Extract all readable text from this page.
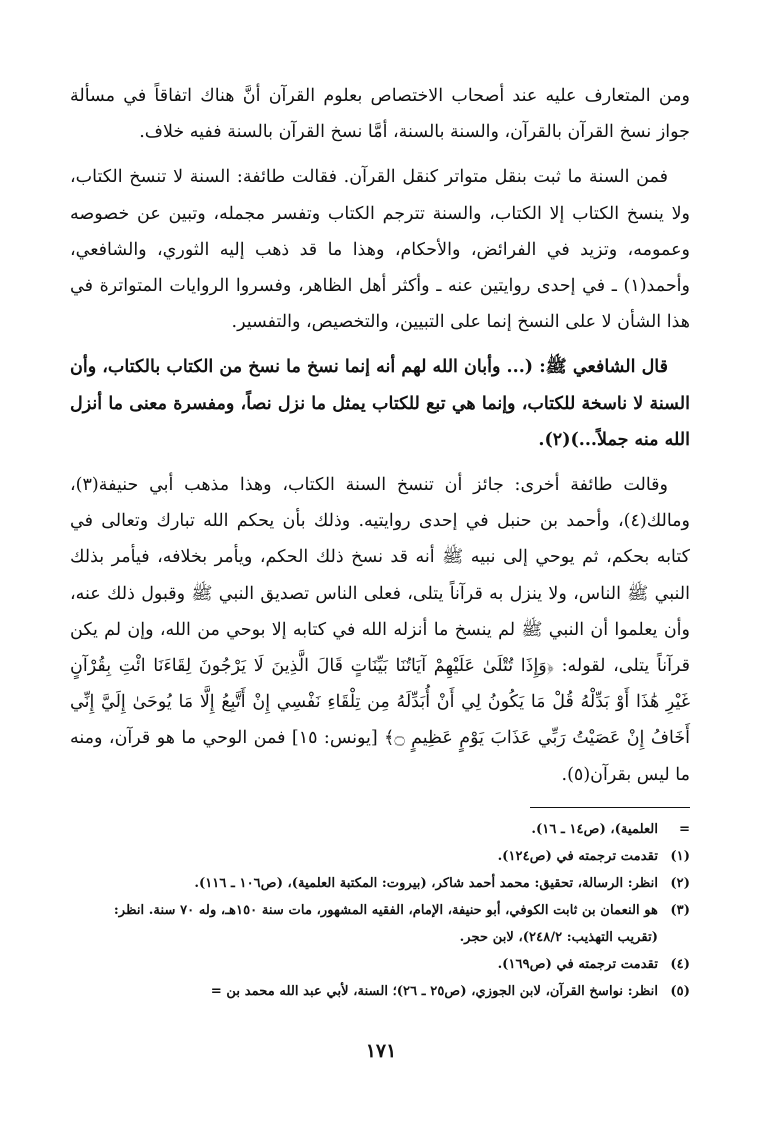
ومن المتعارف عليه عند أصحاب الاختصاص بعلوم القرآن أنَّ هناك اتفاقاً في مسألة جواز نسخ القرآن بالقرآن، والسنة بالسنة، أمَّا نسخ القرآن بالسنة ففيه خلاف.

فمن السنة ما ثبت بنقل متواتر كنقل القرآن. فقالت طائفة: السنة لا تنسخ الكتاب، ولا ينسخ الكتاب إلا الكتاب، والسنة تترجم الكتاب وتفسر مجمله، وتبين عن خصوصه وعمومه، وتزيد في الفرائض، والأحكام، وهذا ما قد ذهب إليه الثوري، والشافعي، وأحمد(١) ـ في إحدى روايتين عنه ـ وأكثر أهل الظاهر، وفسروا الروايات المتواترة في هذا الشأن لا على النسخ إنما على التبيين، والتخصيص، والتفسير.

قال الشافعي ﷺ: (... وأبان الله لهم أنه إنما نسخ ما نسخ من الكتاب بالكتاب، وأن السنة لا ناسخة للكتاب، وإنما هي تبع للكتاب يمثل ما نزل نصاً، ومفسرة معنى ما أنزل الله منه جملاً...)(٢).

وقالت طائفة أخرى: جائز أن تنسخ السنة الكتاب، وهذا مذهب أبي حنيفة(٣)، ومالك(٤)، وأحمد بن حنبل في إحدى روايتيه. وذلك بأن يحكم الله تبارك وتعالى في كتابه بحكم، ثم يوحي إلى نبيه ﷺ أنه قد نسخ ذلك الحكم، ويأمر بخلافه، فيأمر بذلك النبي ﷺ الناس، ولا ينزل به قرآناً يتلى، فعلى الناس تصديق النبي ﷺ وقبول ذلك عنه، وأن يعلموا أن النبي ﷺ لم ينسخ ما أنزله الله في كتابه إلا بوحي من الله، وإن لم يكن قرآناً يتلى، لقوله: ﴿وَإِذَا تُتْلَىٰ عَلَيْهِمْ آيَاتُنَا بَيِّنَاتٍ قَالَ الَّذِينَ لَا يَرْجُونَ لِقَاءَنَا ائْتِ بِقُرْآنٍ غَيْرِ هَٰذَا أَوْ بَدِّلْهُ قُلْ مَا يَكُونُ لِي أَنْ أُبَدِّلَهُ مِن تِلْقَاءِ نَفْسِي إِنْ أَتَّبِعُ إِلَّا مَا يُوحَىٰ إِلَيَّ إِنِّي أَخَافُ إِنْ عَصَيْتُ رَبِّي عَذَابَ يَوْمٍ عَظِيمٍ ۝﴾ [يونس: ١٥] فمن الوحي ما هو قرآن، ومنه ما ليس بقرآن(٥).

=
العلمية)، (ص١٤ ـ ١٦).
(١)
تقدمت ترجمته في (ص١٢٤).
(٢)
انظر: الرسالة، تحقيق: محمد أحمد شاكر، (بيروت: المكتبة العلمية)، (ص١٠٦ ـ ١١٦).
(٣)
هو النعمان بن ثابت الكوفي، أبو حنيفة، الإمام، الفقيه المشهور، مات سنة ١٥٠هـ، وله ٧٠ سنة. انظر: (تقريب التهذيب: ٢٤٨/٢)، لابن حجر.
(٤)
تقدمت ترجمته في (ص١٦٩).
(٥)
انظر: نواسخ القرآن، لابن الجوزي، (ص٢٥ ـ ٢٦)؛ السنة، لأبي عبد الله محمد بن =
١٧١
